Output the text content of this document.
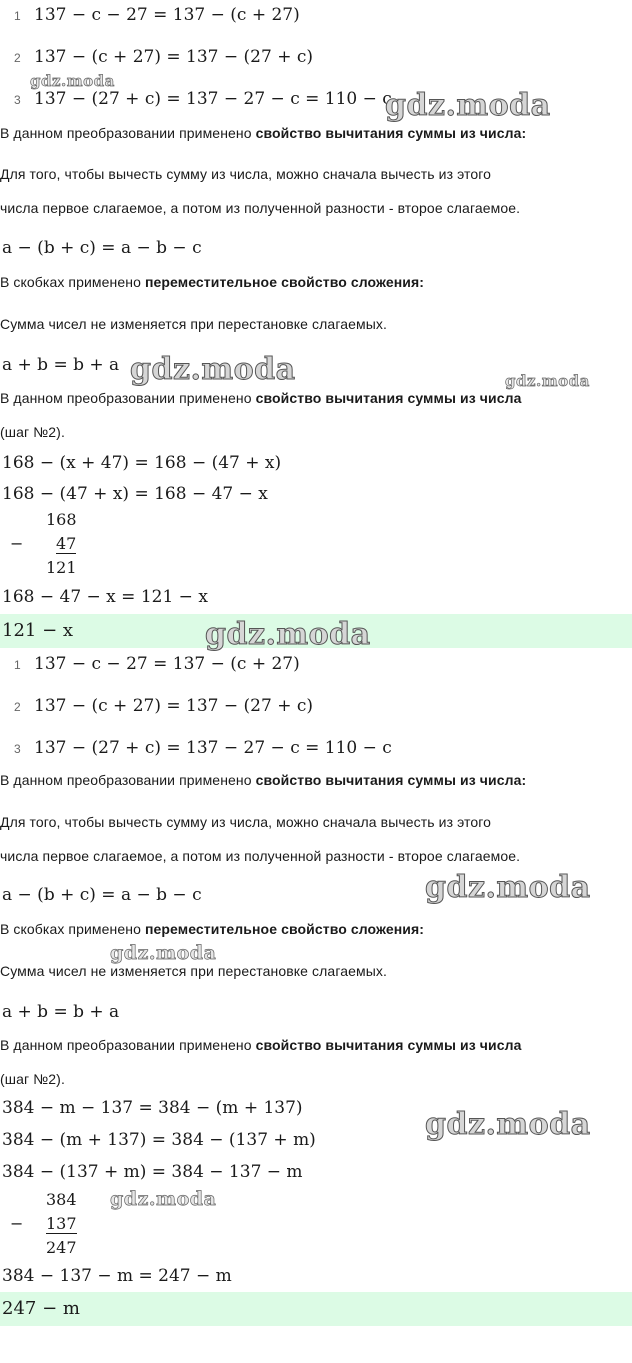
1 137 − c − 27 = 137 − (c + 27)
2 137 − (c + 27) = 137 − (27 + c)
3 137 − (27 + c) = 137 − 27 − c = 110 − c
В данном преобразовании применено свойство вычитания суммы из числа:
Для того, чтобы вычесть сумму из числа, можно сначала вычесть из этого
числа первое слагаемое, а потом из полученной разности - второе слагаемое.
a − (b + c) = a − b − c
В скобках применено переместительное свойство сложения:
Сумма чисел не изменяется при перестановке слагаемых.
a + b = b + a
В данном преобразовании применено свойство вычитания суммы из числа
(шаг №2).
168 − (x + 47) = 168 − (47 + x)
168 − (47 + x) = 168 − 47 − x
168
− 47
121
168 − 47 − x = 121 − x
121 − x
1 137 − c − 27 = 137 − (c + 27)
2 137 − (c + 27) = 137 − (27 + c)
3 137 − (27 + c) = 137 − 27 − c = 110 − c
В данном преобразовании применено свойство вычитания суммы из числа:
Для того, чтобы вычесть сумму из числа, можно сначала вычесть из этого
числа первое слагаемое, а потом из полученной разности - второе слагаемое.
a − (b + c) = a − b − c
В скобках применено переместительное свойство сложения:
Сумма чисел не изменяется при перестановке слагаемых.
a + b = b + a
В данном преобразовании применено свойство вычитания суммы из числа
(шаг №2).
384 − m − 137 = 384 − (m + 137)
384 − (m + 137) = 384 − (137 + m)
384 − (137 + m) = 384 − 137 − m
384
− 137
247
384 − 137 − m = 247 − m
247 − m
gdz.moda
gdz.moda
gdz.moda	gdz.moda
gdz.moda
gdz.moda
gdz.moda
gdz.moda
gdz.moda
